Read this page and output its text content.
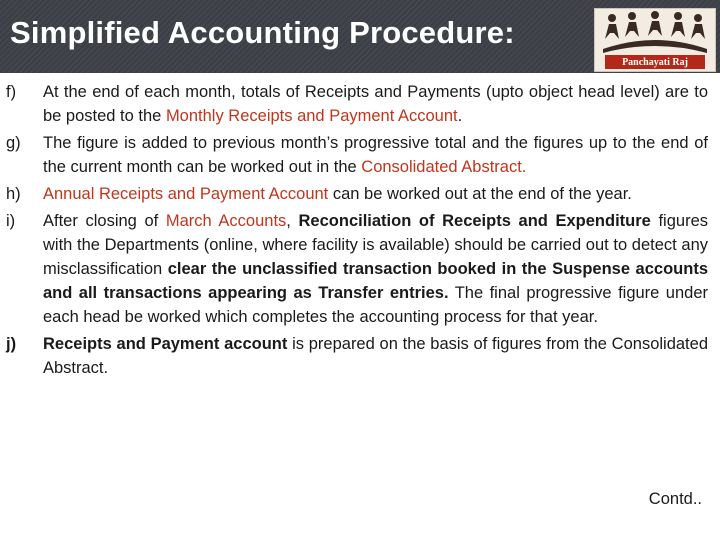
Simplified Accounting Procedure:
Panchayati Raj
f)	At the end of each month, totals of Receipts and Payments (upto object head level) are to be posted to the Monthly Receipts and Payment Account.
g)	The figure is added to previous month’s progressive total and the figures up to the end of the current month can be worked out in the Consolidated Abstract.
h)	Annual Receipts and Payment Account can be worked out at the end of the year.
i)	After closing of March Accounts, Reconciliation of Receipts and Expenditure figures with the Departments (online, where facility is available) should be carried out to detect any misclassification clear the unclassified transaction booked in the Suspense accounts and all transactions appearing as Transfer entries. The final progressive figure under each head be worked which completes the accounting process for that year.
j)	Receipts and Payment account is prepared on the basis of figures from the Consolidated Abstract.
Contd..
